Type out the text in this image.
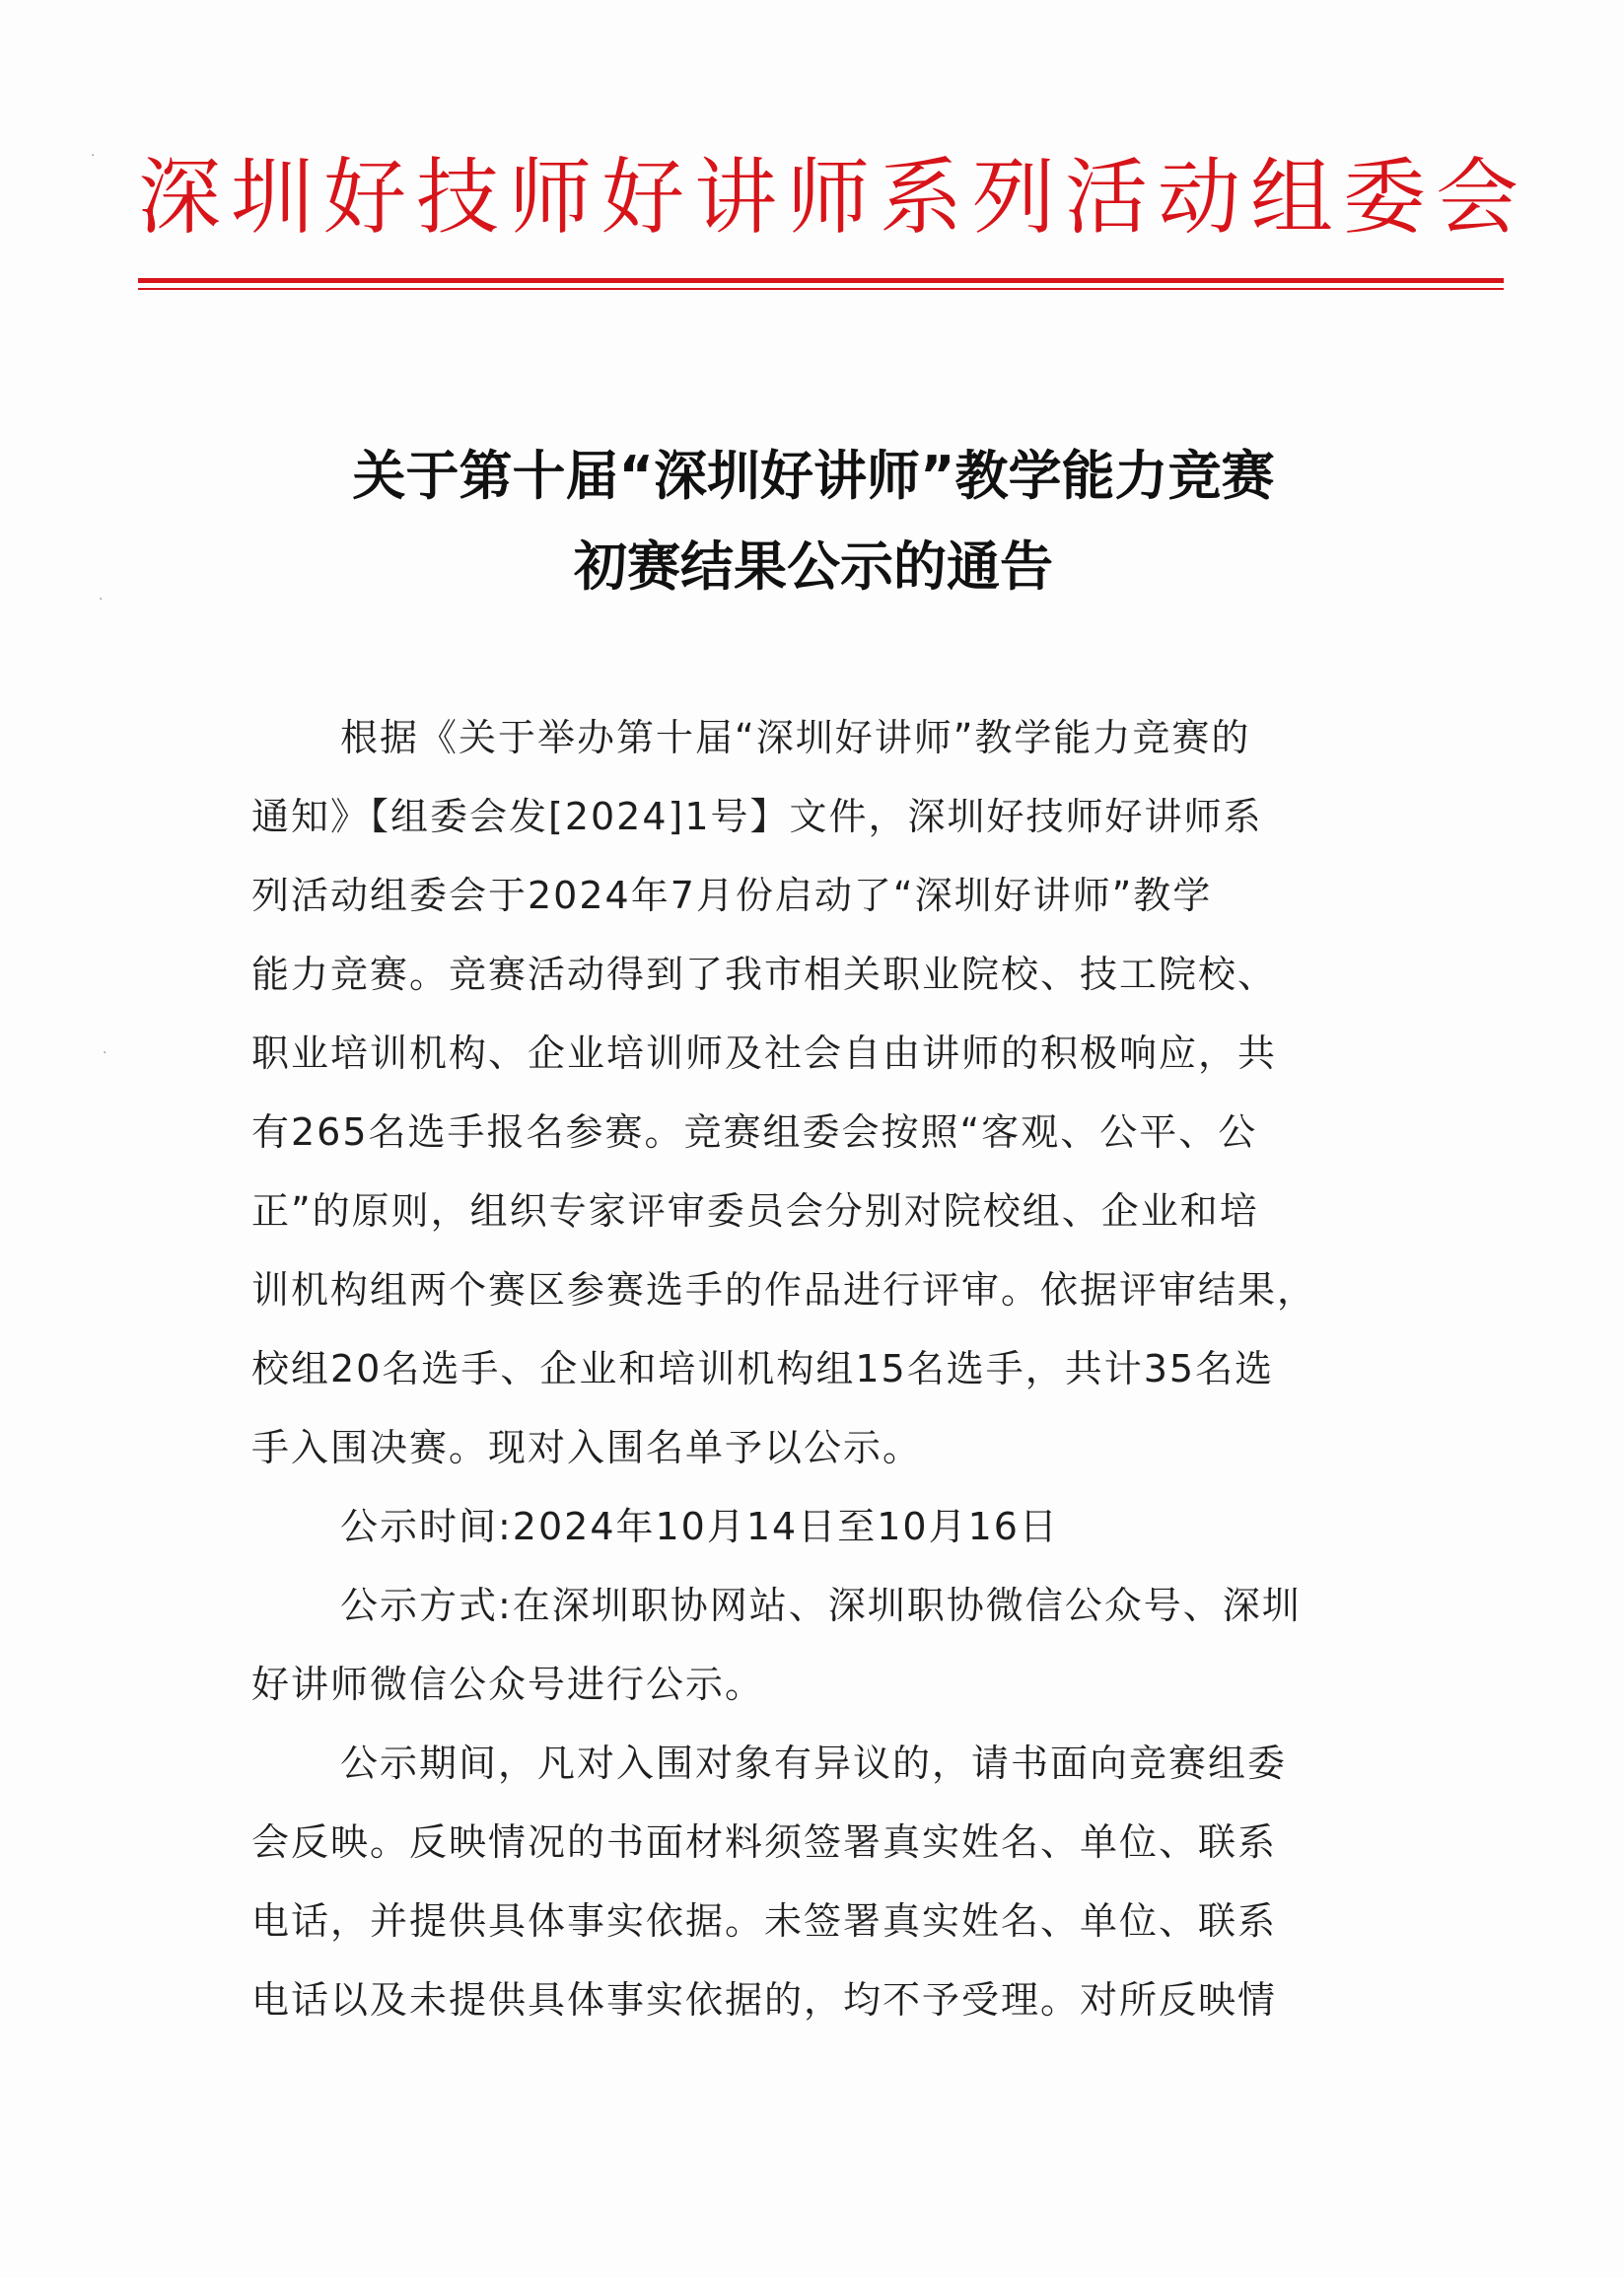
·
·
·
深圳好技师好讲师系列活动组委会
关于第十届“深圳好讲师”教学能力竞赛
初赛结果公示的通告
根据《关于举办第十届“深圳好讲师”教学能力竞赛的
通知》【组委会发[2024]1号】文件，深圳好技师好讲师系
列活动组委会于2024年7月份启动了“深圳好讲师”教学
能力竞赛。竞赛活动得到了我市相关职业院校、技工院校、
职业培训机构、企业培训师及社会自由讲师的积极响应，共
有265名选手报名参赛。竞赛组委会按照“客观、公平、公
正”的原则，组织专家评审委员会分别对院校组、企业和培
训机构组两个赛区参赛选手的作品进行评审。依据评审结果，
校组20名选手、企业和培训机构组15名选手，共计35名选
手入围决赛。现对入围名单予以公示。
公示时间:2024年10月14日至10月16日
公示方式:在深圳职协网站、深圳职协微信公众号、深圳
好讲师微信公众号进行公示。
公示期间，凡对入围对象有异议的，请书面向竞赛组委
会反映。反映情况的书面材料须签署真实姓名、单位、联系
电话，并提供具体事实依据。未签署真实姓名、单位、联系
电话以及未提供具体事实依据的，均不予受理。对所反映情
